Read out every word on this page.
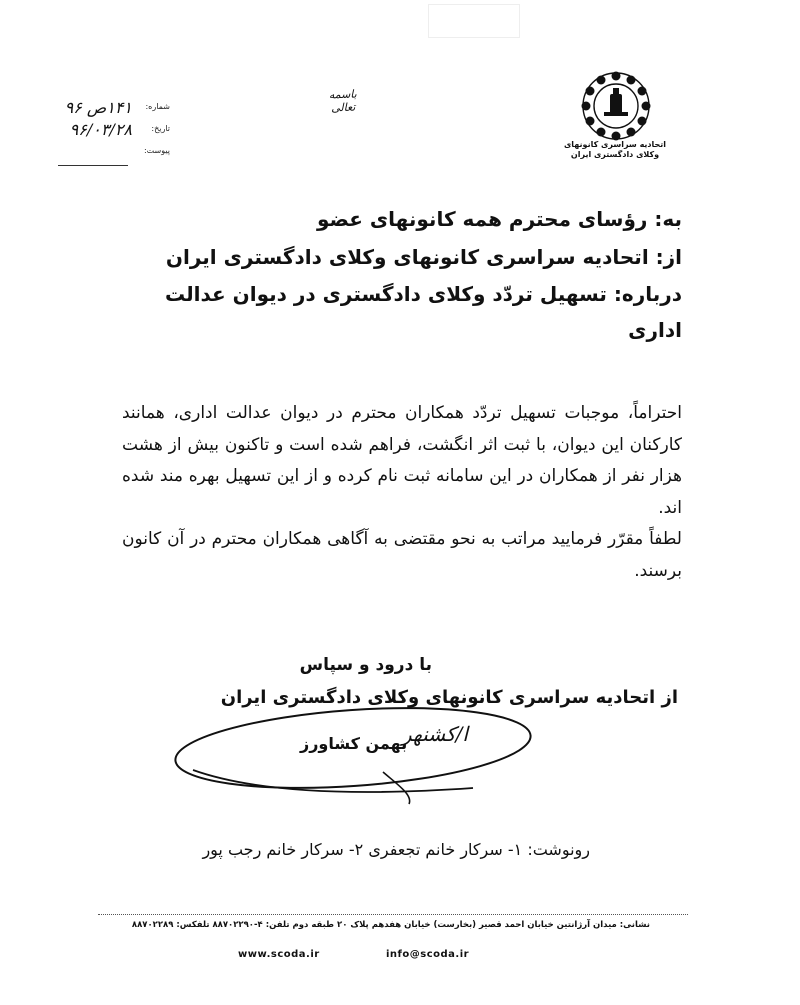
اتحادیه سراسری کانونهای وکلای دادگستری ایران
باسمه تعالی
شماره:
۱۴۱ص ۹۶
تاریخ:
۹۶/۰۳/۲۸
پیوست:
به: رؤسای محترم همه کانونهای عضو
از: اتحادیه سراسری کانونهای وکلای دادگستری ایران
درباره: تسهیل تردّد وکلای دادگستری در دیوان عدالت اداری

احتراماً، موجبات تسهیل تردّد همکاران محترم در دیوان عدالت اداری، همانند کارکنان این دیوان، با ثبت اثر انگشت، فراهم شده است و تاکنون بیش از هشت هزار نفر از همکاران در این سامانه ثبت نام کرده و از این تسهیل بهره مند شده اند.

لطفاً مقرّر فرمایید مراتب به نحو مقتضی به آگاهی همکاران محترم در آن کانون برسند.

با درود و سپاس
از اتحادیه سراسری کانونهای وکلای دادگستری ایران
ا/کشنهر
بهمن کشاورز
رونوشت: ۱- سرکار خانم تجعفری ۲- سرکار خانم رجب پور
نشانی: میدان آرژانتین خیابان احمد قصیر (بخارست) خیابان هفدهم پلاک ۲۰ طبقه دوم تلفن: ۴-۸۸۷۰۲۲۹۰ تلفکس: ۸۸۷۰۲۲۸۹
www.scoda.ir	info@scoda.ir
